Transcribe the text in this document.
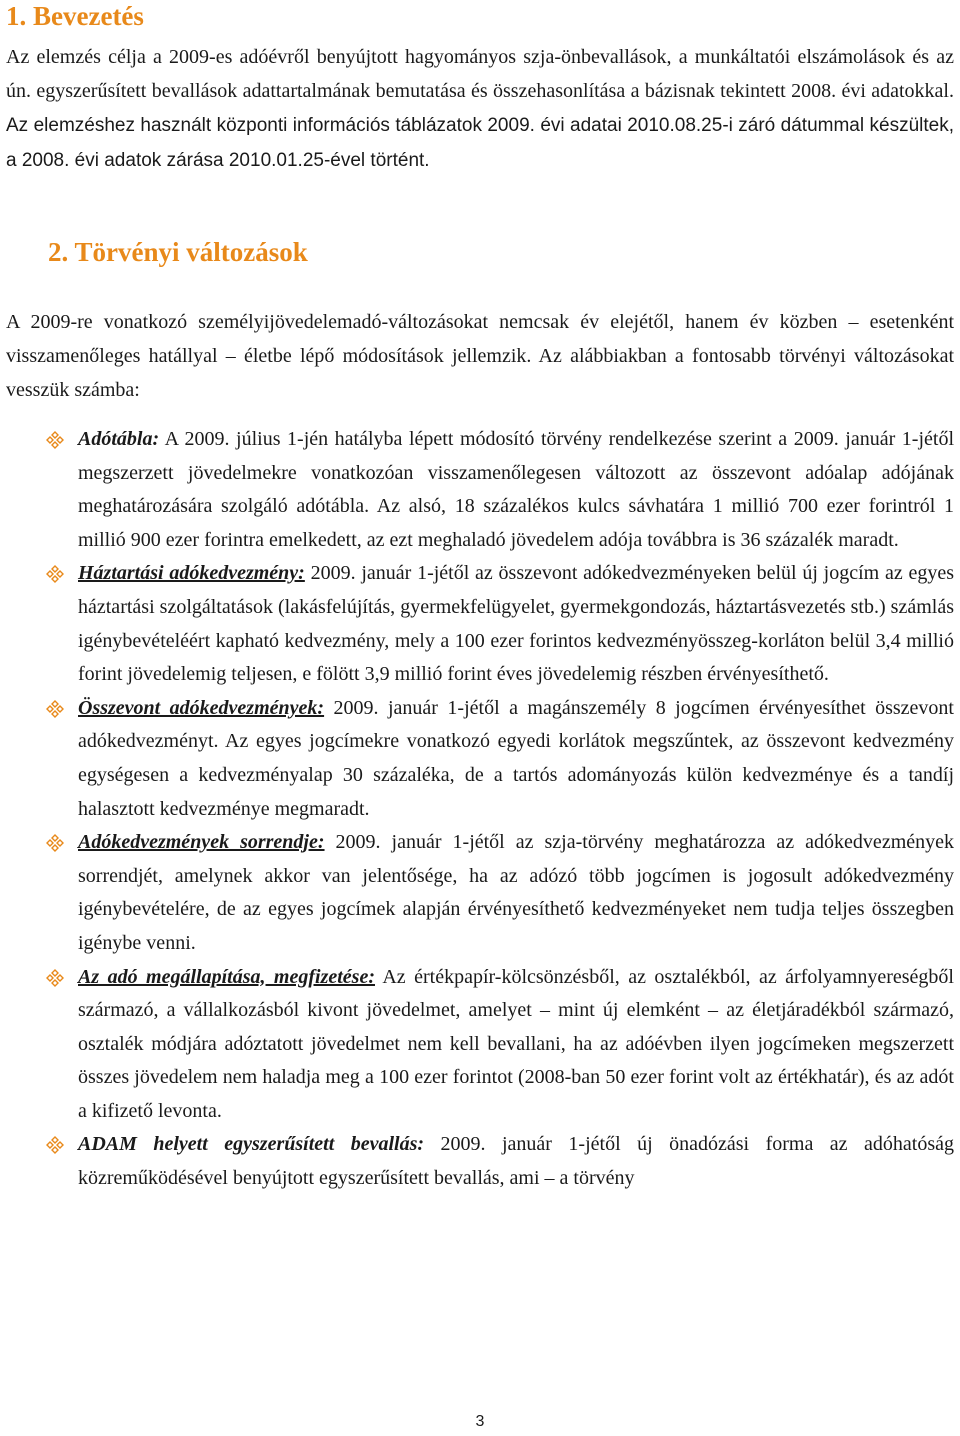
1. Bevezetés

Az elemzés célja a 2009-es adóévről benyújtott hagyományos szja-önbevallások, a munkáltatói elszámolások és az ún. egyszerűsített bevallások adattartalmának bemutatása és összehasonlítása a bázisnak tekintett 2008. évi adatokkal. Az elemzéshez használt központi információs táblázatok 2009. évi adatai 2010.08.25-i záró dátummal készültek, a 2008. évi adatok zárása 2010.01.25-ével történt.

2. Törvényi változások

A 2009-re vonatkozó személyijövedelemadó-változásokat nemcsak év elejétől, hanem év közben – esetenként visszamenőleges hatállyal – életbe lépő módosítások jellemzik. Az alábbiakban a fontosabb törvényi változásokat vesszük számba:

Adótábla: A 2009. július 1-jén hatályba lépett módosító törvény rendelkezése szerint a 2009. január 1-jétől megszerzett jövedelmekre vonatkozóan visszamenőlegesen változott az összevont adóalap adójának meghatározására szolgáló adótábla. Az alsó, 18 százalékos kulcs sávhatára 1 millió 700 ezer forintról 1 millió 900 ezer forintra emelkedett, az ezt meghaladó jövedelem adója továbbra is 36 százalék maradt.
Háztartási adókedvezmény: 2009. január 1-jétől az összevont adókedvezményeken belül új jogcím az egyes háztartási szolgáltatások (lakásfelújítás, gyermekfelügyelet, gyermekgondozás, háztartásvezetés stb.) számlás igénybevételéért kapható kedvezmény, mely a 100 ezer forintos kedvezményösszeg-korláton belül 3,4 millió forint jövedelemig teljesen, e fölött 3,9 millió forint éves jövedelemig részben érvényesíthető.
Összevont adókedvezmények: 2009. január 1-jétől a magánszemély 8 jogcímen érvényesíthet összevont adókedvezményt. Az egyes jogcímekre vonatkozó egyedi korlátok megszűntek, az összevont kedvezmény egységesen a kedvezményalap 30 százaléka, de a tartós adományozás külön kedvezménye és a tandíj halasztott kedvezménye megmaradt.
Adókedvezmények sorrendje: 2009. január 1-jétől az szja-törvény meghatározza az adókedvezmények sorrendjét, amelynek akkor van jelentősége, ha az adózó több jogcímen is jogosult adókedvezmény igénybevételére, de az egyes jogcímek alapján érvényesíthető kedvezményeket nem tudja teljes összegben igénybe venni.
Az adó megállapítása, megfizetése: Az értékpapír-kölcsönzésből, az osztalékból, az árfolyamnyereségből származó, a vállalkozásból kivont jövedelmet, amelyet – mint új elemként – az életjáradékból származó, osztalék módjára adóztatott jövedelmet nem kell bevallani, ha az adóévben ilyen jogcímeken megszerzett összes jövedelem nem haladja meg a 100 ezer forintot (2008-ban 50 ezer forint volt az értékhatár), és az adót a kifizető levonta.
ADAM helyett egyszerűsített bevallás: 2009. január 1-jétől új önadózási forma az adóhatóság közreműködésével benyújtott egyszerűsített bevallás, ami – a törvény
3
